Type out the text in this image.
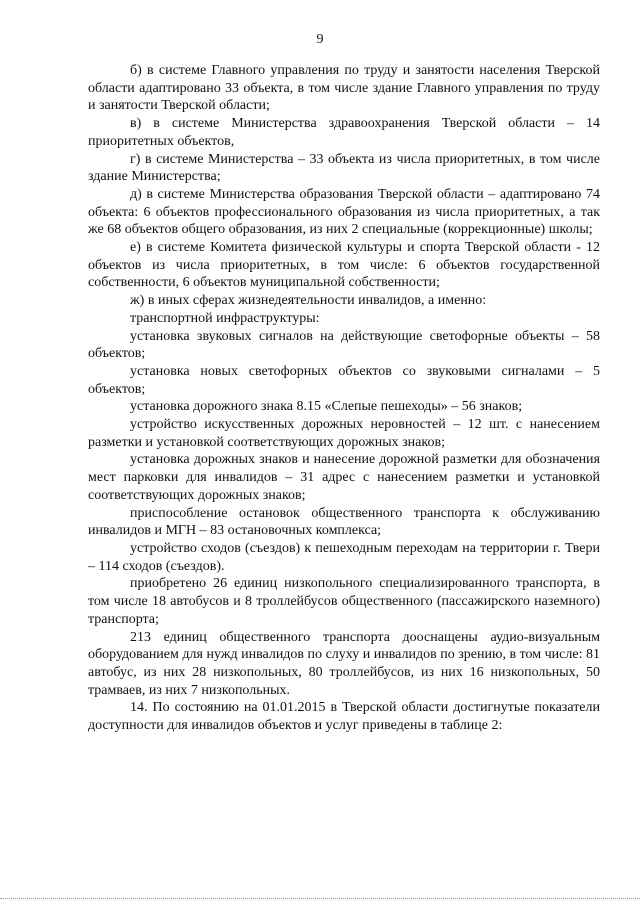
9

б) в системе Главного управления по труду и занятости населения Тверской области адаптировано 33 объекта, в том числе здание Главного управления по труду и занятости Тверской области;

в) в системе Министерства здравоохранения Тверской области – 14 приоритетных объектов,

г) в системе Министерства – 33 объекта из числа приоритетных, в том числе здание Министерства;

д) в системе Министерства образования Тверской области – адаптировано 74 объекта: 6 объектов профессионального образования из числа приоритетных, а так же 68 объектов общего образования, из них 2 специальные (коррекционные) школы;

е) в системе Комитета физической культуры и спорта Тверской области - 12 объектов из числа приоритетных, в том числе: 6 объектов государственной собственности, 6 объектов муниципальной собственности;

ж) в иных сферах жизнедеятельности инвалидов, а именно:

транспортной инфраструктуры:

установка звуковых сигналов на действующие светофорные объекты – 58 объектов;

установка новых светофорных объектов со звуковыми сигналами – 5 объектов;

установка дорожного знака 8.15 «Слепые пешеходы» – 56 знаков;

устройство искусственных дорожных неровностей – 12 шт. с нанесением разметки и установкой соответствующих дорожных знаков;

установка дорожных знаков и нанесение дорожной разметки для обозначения мест парковки для инвалидов – 31 адрес с нанесением разметки и установкой соответствующих дорожных знаков;

приспособление остановок общественного транспорта к обслуживанию инвалидов и МГН – 83 остановочных комплекса;

устройство сходов (съездов) к пешеходным переходам на территории г. Твери – 114 сходов (съездов).

приобретено 26 единиц низкопольного специализированного транспорта, в том числе 18 автобусов и 8 троллейбусов общественного (пассажирского наземного) транспорта;

213 единиц общественного транспорта дооснащены аудио-визуальным оборудованием для нужд инвалидов по слуху и инвалидов по зрению, в том числе: 81 автобус, из них 28 низкопольных, 80 троллейбусов, из них 16 низкопольных, 50 трамваев, из них 7 низкопольных.

14. По состоянию на 01.01.2015 в Тверской области достигнутые показатели доступности для инвалидов объектов и услуг приведены в таблице 2:
